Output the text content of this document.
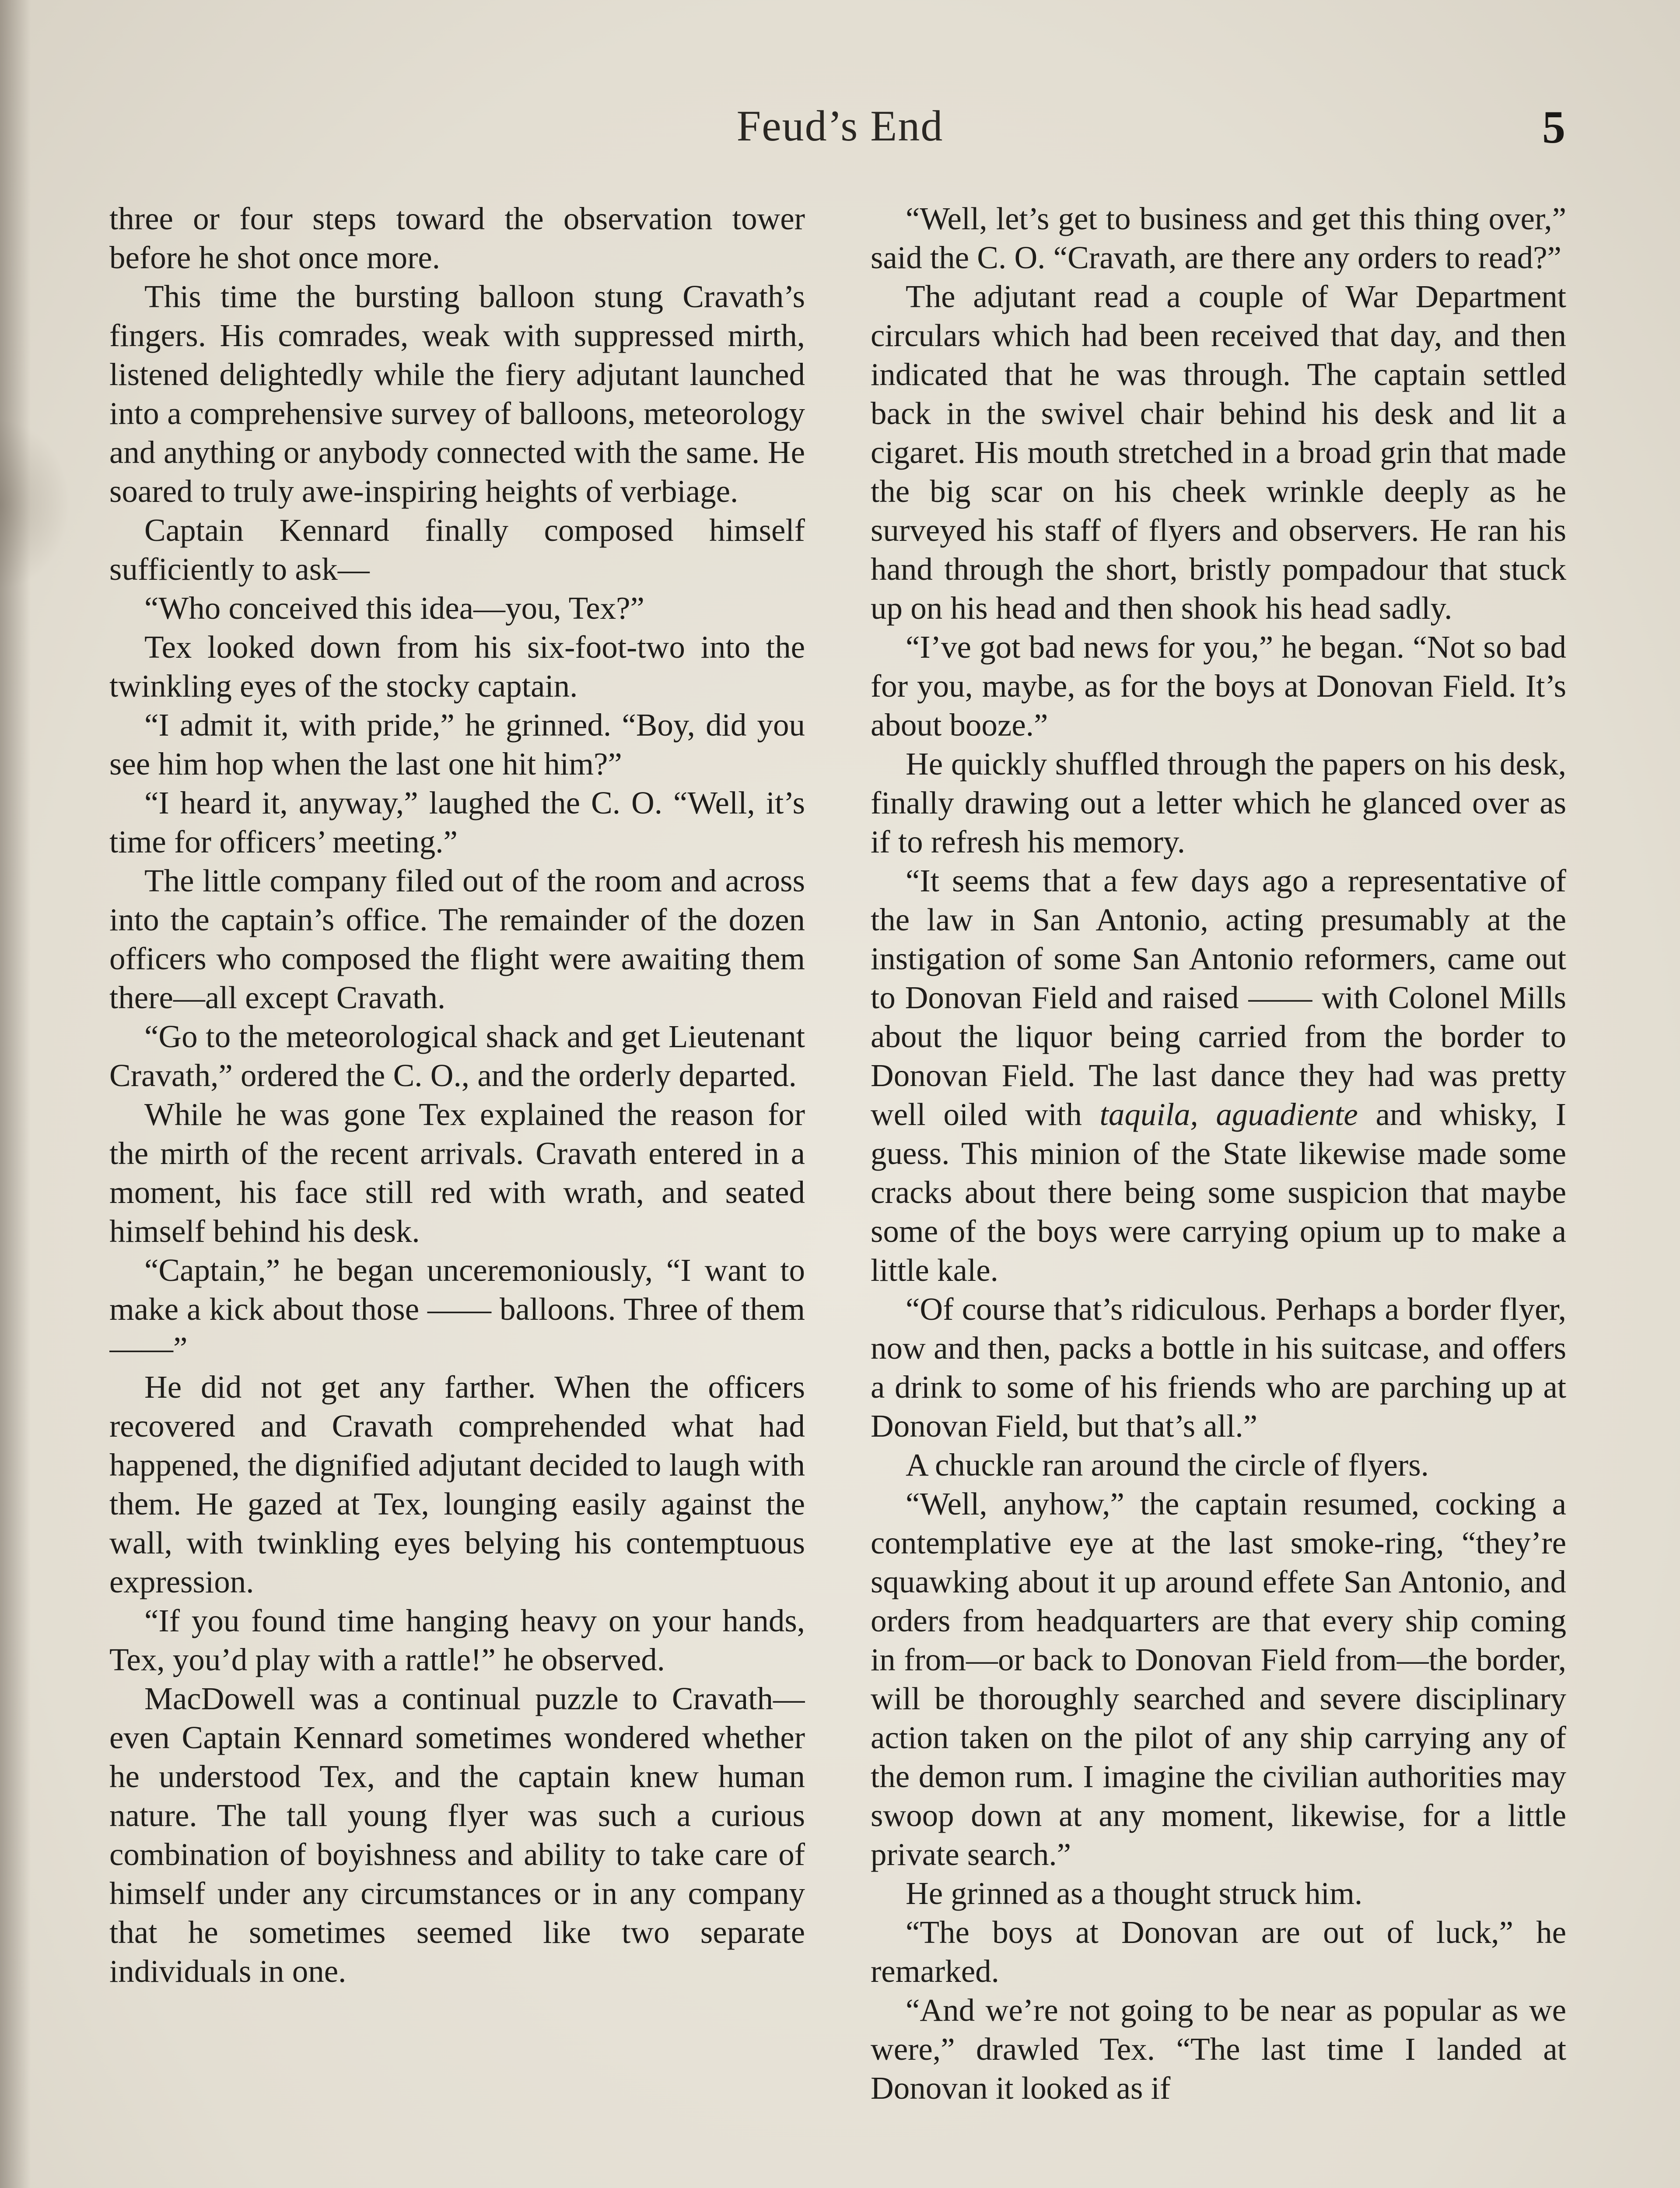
Feud’s End	5

three or four steps toward the observation tower before he shot once more.

This time the bursting balloon stung Cravath’s fingers. His comrades, weak with suppressed mirth, listened delightedly while the fiery adjutant launched into a comprehensive survey of balloons, meteorology and anything or anybody connected with the same. He soared to truly awe-inspiring heights of verbiage.

Captain Kennard finally composed himself sufficiently to ask—

“Who conceived this idea—you, Tex?”

Tex looked down from his six-foot-two into the twinkling eyes of the stocky captain.

“I admit it, with pride,” he grinned. “Boy, did you see him hop when the last one hit him?”

“I heard it, anyway,” laughed the C. O. “Well, it’s time for officers’ meeting.”

The little company filed out of the room and across into the captain’s office. The remainder of the dozen officers who composed the flight were awaiting them there—all except Cravath.

“Go to the meteorological shack and get Lieutenant Cravath,” ordered the C. O., and the orderly departed.

While he was gone Tex explained the reason for the mirth of the recent arrivals. Cravath entered in a moment, his face still red with wrath, and seated himself behind his desk.

“Captain,” he began unceremoniously, “I want to make a kick about those —— balloons. Three of them——”

He did not get any farther. When the officers recovered and Cravath comprehended what had happened, the dignified adjutant decided to laugh with them. He gazed at Tex, lounging easily against the wall, with twinkling eyes belying his contemptuous expression.

“If you found time hanging heavy on your hands, Tex, you’d play with a rattle!” he observed.

MacDowell was a continual puzzle to Cravath—even Captain Kennard sometimes wondered whether he understood Tex, and the captain knew human nature. The tall young flyer was such a curious combination of boyishness and ability to take care of himself under any circumstances or in any company that he sometimes seemed like two separate individuals in one.

“Well, let’s get to business and get this thing over,” said the C. O. “Cravath, are there any orders to read?”

The adjutant read a couple of War Department circulars which had been received that day, and then indicated that he was through. The captain settled back in the swivel chair behind his desk and lit a cigaret. His mouth stretched in a broad grin that made the big scar on his cheek wrinkle deeply as he surveyed his staff of flyers and observers. He ran his hand through the short, bristly pompadour that stuck up on his head and then shook his head sadly.

“I’ve got bad news for you,” he began. “Not so bad for you, maybe, as for the boys at Donovan Field. It’s about booze.”

He quickly shuffled through the papers on his desk, finally drawing out a letter which he glanced over as if to refresh his memory.

“It seems that a few days ago a representative of the law in San Antonio, acting presumably at the instigation of some San Antonio reformers, came out to Donovan Field and raised —— with Colonel Mills about the liquor being carried from the border to Donovan Field. The last dance they had was pretty well oiled with taquila, aguadiente and whisky, I guess. This minion of the State likewise made some cracks about there being some suspicion that maybe some of the boys were carrying opium up to make a little kale.

“Of course that’s ridiculous. Perhaps a border flyer, now and then, packs a bottle in his suitcase, and offers a drink to some of his friends who are parching up at Donovan Field, but that’s all.”

A chuckle ran around the circle of flyers.

“Well, anyhow,” the captain resumed, cocking a contemplative eye at the last smoke-ring, “they’re squawking about it up around effete San Antonio, and orders from headquarters are that every ship coming in from—or back to Donovan Field from—the border, will be thoroughly searched and severe disciplinary action taken on the pilot of any ship carrying any of the demon rum. I imagine the civilian authorities may swoop down at any moment, likewise, for a little private search.”

He grinned as a thought struck him.

“The boys at Donovan are out of luck,” he remarked.

“And we’re not going to be near as popular as we were,” drawled Tex. “The last time I landed at Donovan it looked as if
